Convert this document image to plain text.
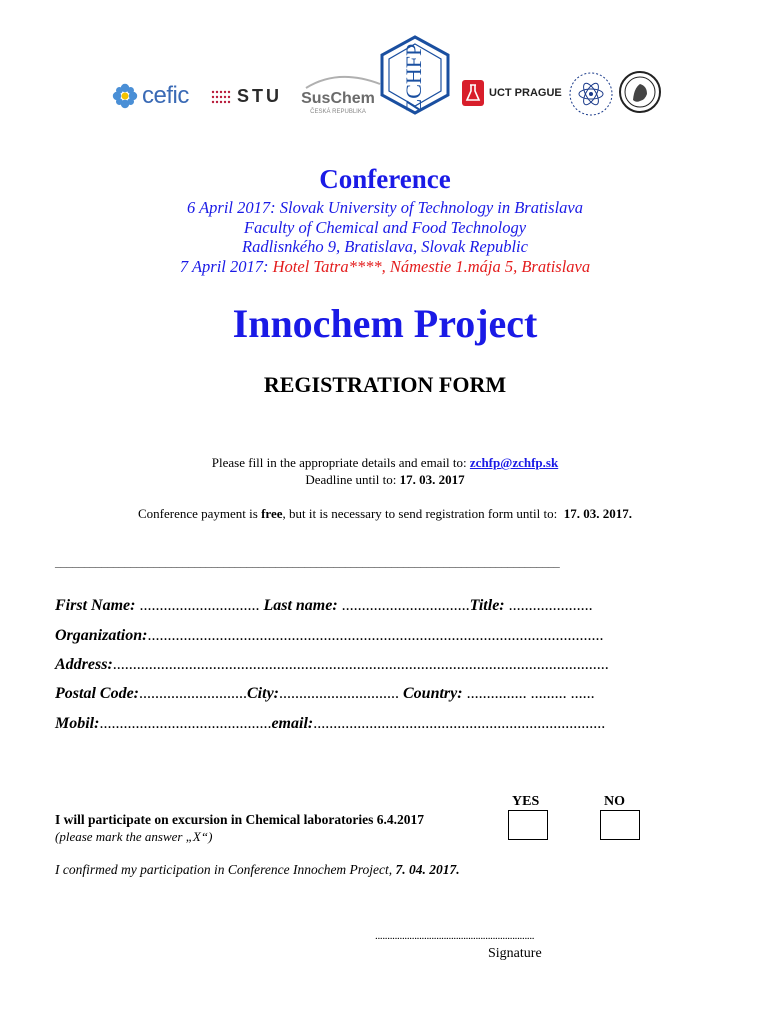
cefic	STU SusChem
ČESKÁ REPUBLIKA ZCHFP	UCT PRAGUE
Conference
6 April 2017: Slovak University of Technology in Bratislava
Faculty of Chemical and Food Technology
Radlisnkého 9, Bratislava, Slovak Republic
7 April 2017: Hotel Tatra****, Námestie 1.mája 5, Bratislava
Innochem Project
REGISTRATION FORM
Please fill in the appropriate details and email to: zchfp@zchfp.sk
Deadline until to: 17. 03. 2017
Conference payment is free, but it is necessary to send registration form until to: 17. 03. 2017.
_______________________________________________________________________________________
First Name: .............................. Last name: ................................Title: .....................
Organization:..................................................................................................................
Address:............................................................................................................................
Postal Code:...........................City:.............................. Country: ............... ......... ......
Mobil:...........................................email:.........................................................................
YES	NO
I will participate on excursion in Chemical laboratories 6.4.2017
(please mark the answer „X“)
I confirmed my participation in Conference Innochem Project, 7. 04. 2017.
.................................................................
Signature
